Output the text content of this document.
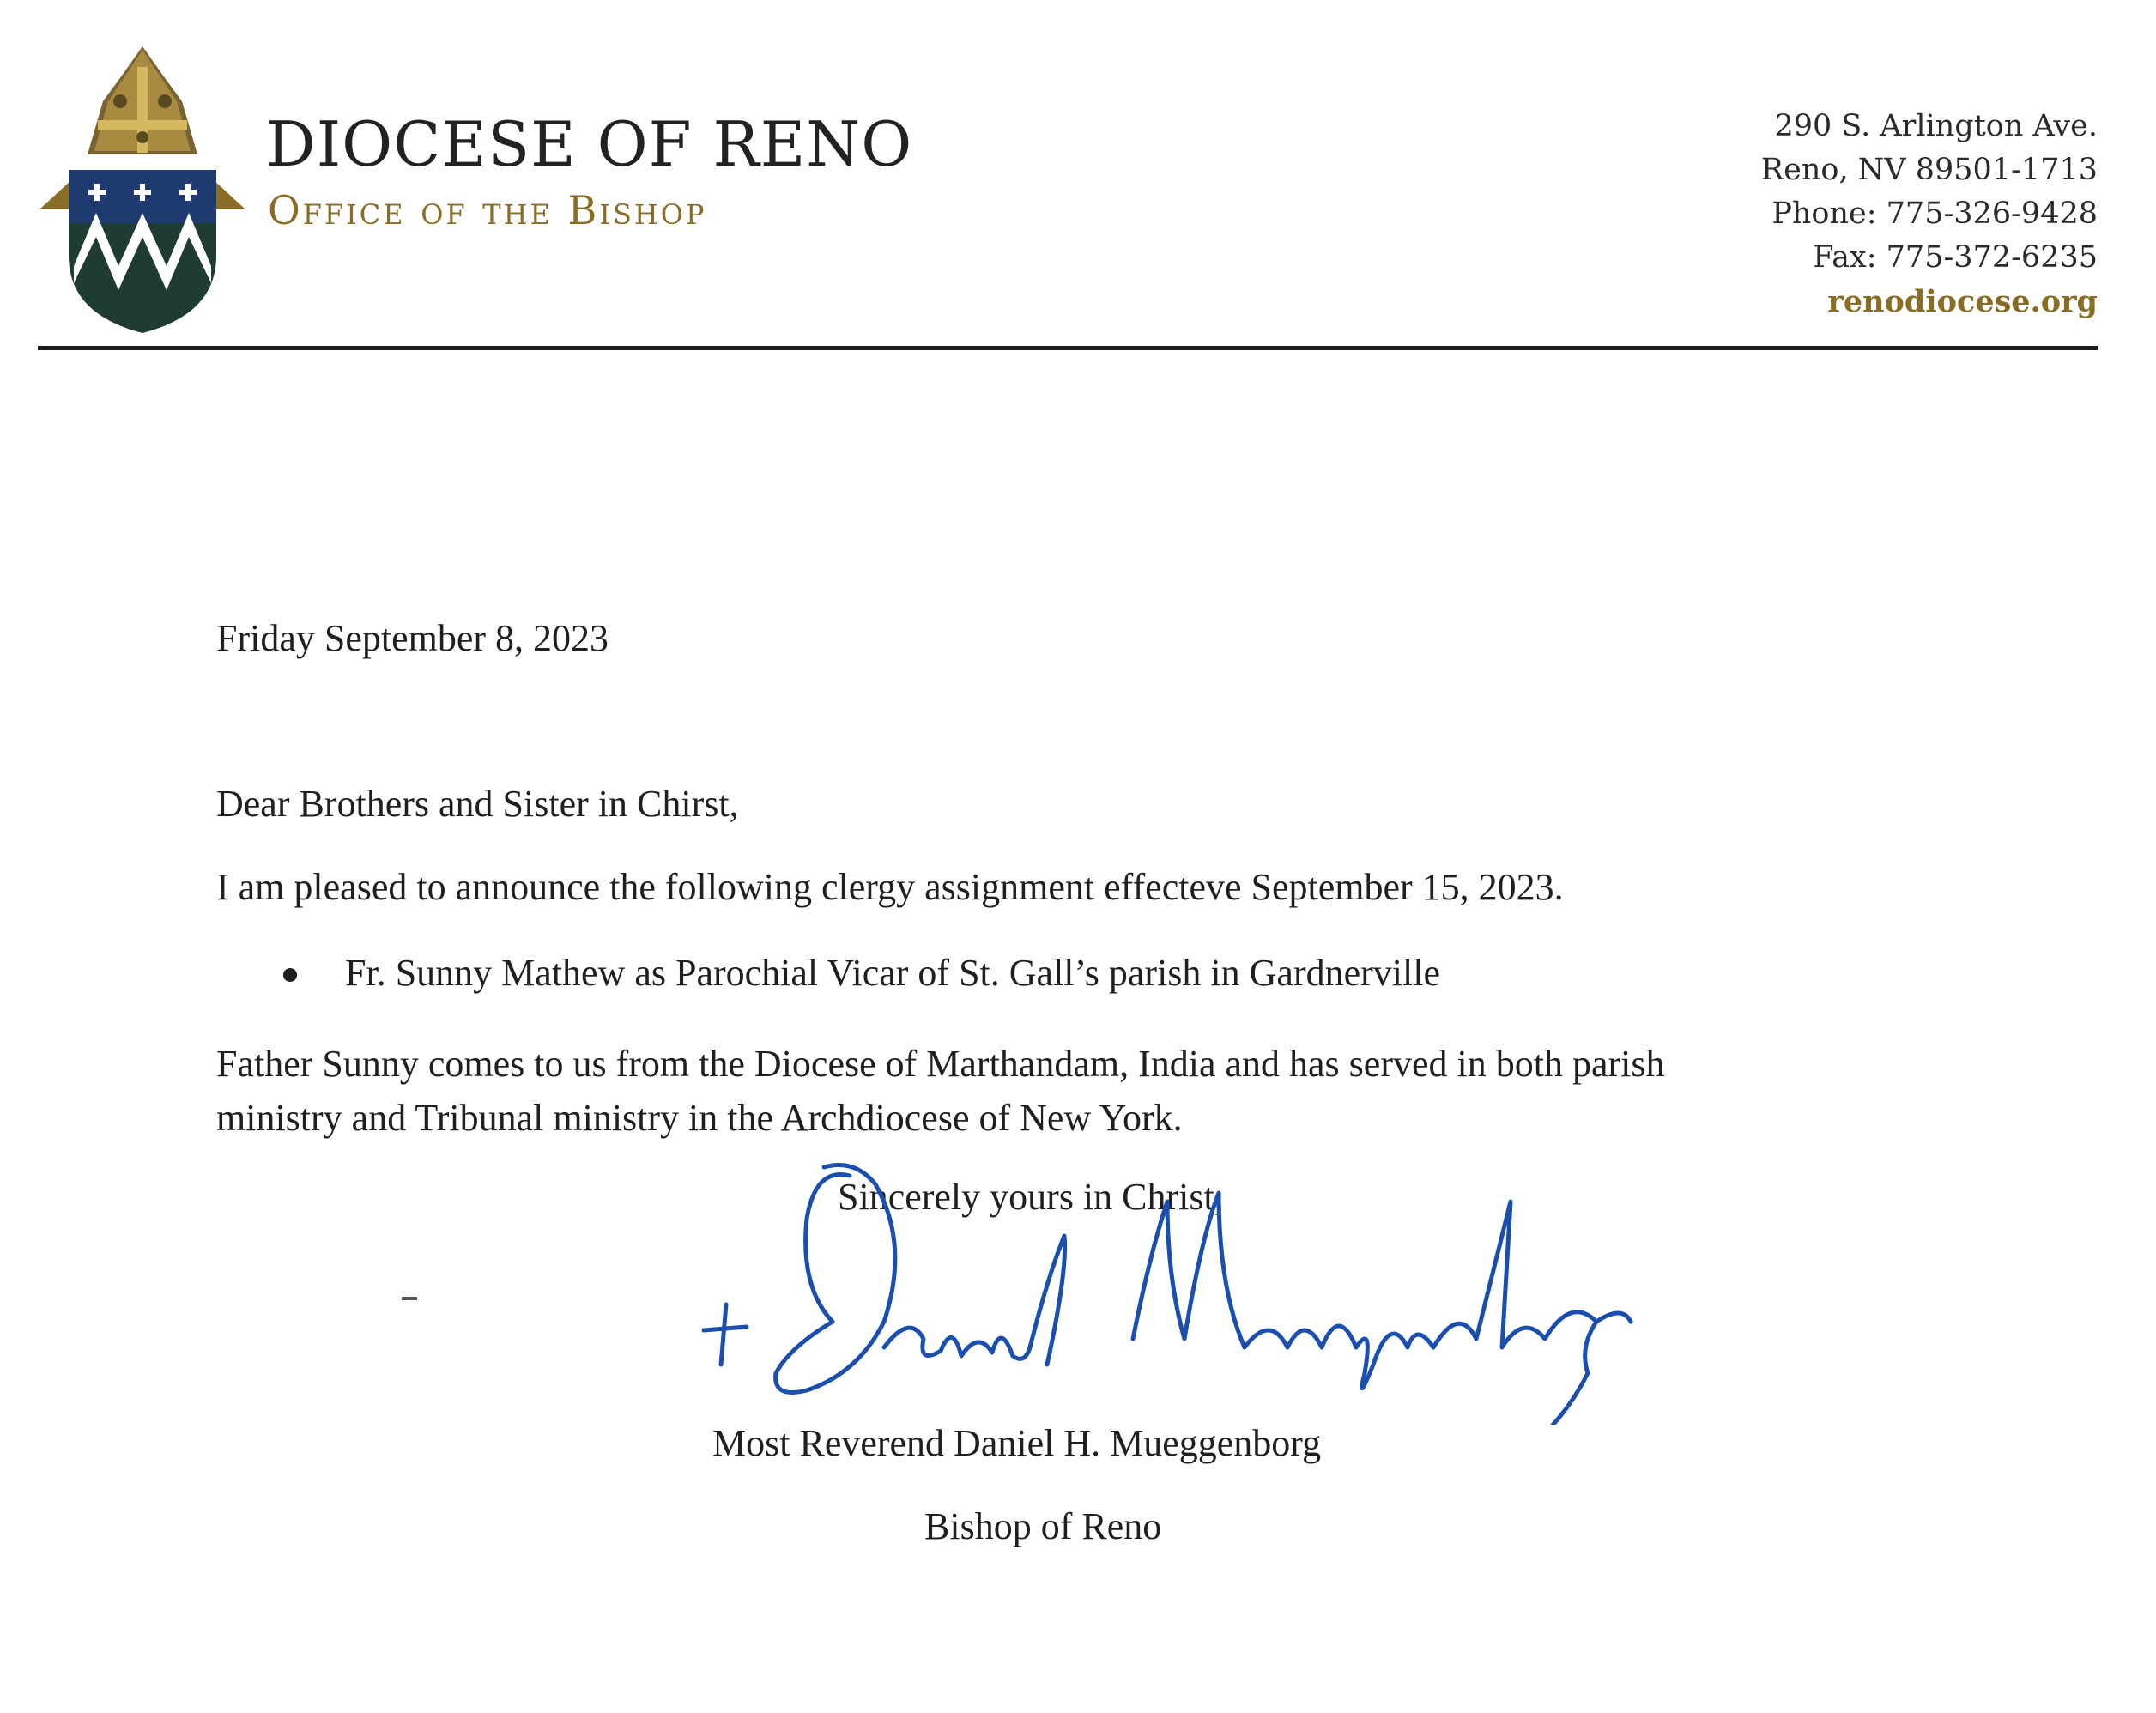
DIOCESE OF RENO
Office of the Bishop
290 S. Arlington Ave.
Reno, NV 89501-1713
Phone: 775-326-9428
Fax: 775-372-6235
renodiocese.org
Friday September 8, 2023
Dear Brothers and Sister in Chirst,
I am pleased to announce the following clergy assignment effecteve September 15, 2023.
Fr. Sunny Mathew as Parochial Vicar of St. Gall’s parish in Gardnerville
Father Sunny comes to us from the Diocese of Marthandam, India and has served in both parish
ministry and Tribunal ministry in the Archdiocese of New York.
Sincerely yours in Christ,
Most Reverend Daniel H. Mueggenborg
Bishop of Reno
